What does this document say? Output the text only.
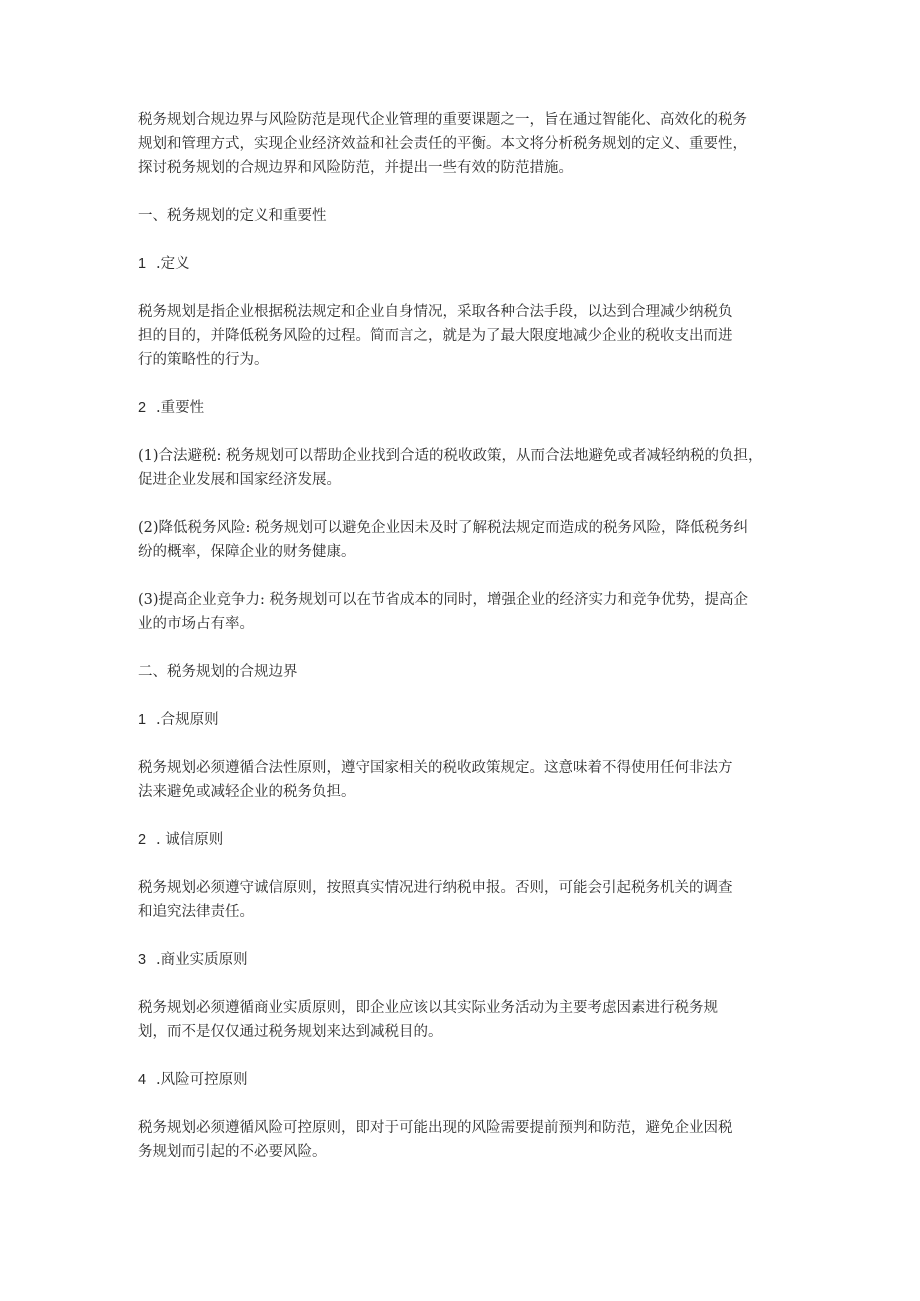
税务规划合规边界与风险防范是现代企业管理的重要课题之一，旨在通过智能化、高效化的税务
规划和管理方式，实现企业经济效益和社会责任的平衡。本文将分析税务规划的定义、重要性，
探讨税务规划的合规边界和风险防范，并提出一些有效的防范措施。

一、税务规划的定义和重要性

1 .定义

税务规划是指企业根据税法规定和企业自身情况，采取各种合法手段，以达到合理减少纳税负
担的目的，并降低税务风险的过程。简而言之，就是为了最大限度地减少企业的税收支出而进
行的策略性的行为。

2 .重要性

(1)合法避税: 税务规划可以帮助企业找到合适的税收政策，从而合法地避免或者减轻纳税的负担，
促进企业发展和国家经济发展。

(2)降低税务风险: 税务规划可以避免企业因未及时了解税法规定而造成的税务风险，降低税务纠
纷的概率，保障企业的财务健康。

(3)提高企业竞争力: 税务规划可以在节省成本的同时，增强企业的经济实力和竞争优势，提高企
业的市场占有率。

二、税务规划的合规边界

1 .合规原则

税务规划必须遵循合法性原则，遵守国家相关的税收政策规定。这意味着不得使用任何非法方
法来避免或减轻企业的税务负担。

2 . 诚信原则

税务规划必须遵守诚信原则，按照真实情况进行纳税申报。否则，可能会引起税务机关的调查
和追究法律责任。

3 .商业实质原则

税务规划必须遵循商业实质原则，即企业应该以其实际业务活动为主要考虑因素进行税务规
划，而不是仅仅通过税务规划来达到减税目的。

4 .风险可控原则

税务规划必须遵循风险可控原则，即对于可能出现的风险需要提前预判和防范，避免企业因税
务规划而引起的不必要风险。
